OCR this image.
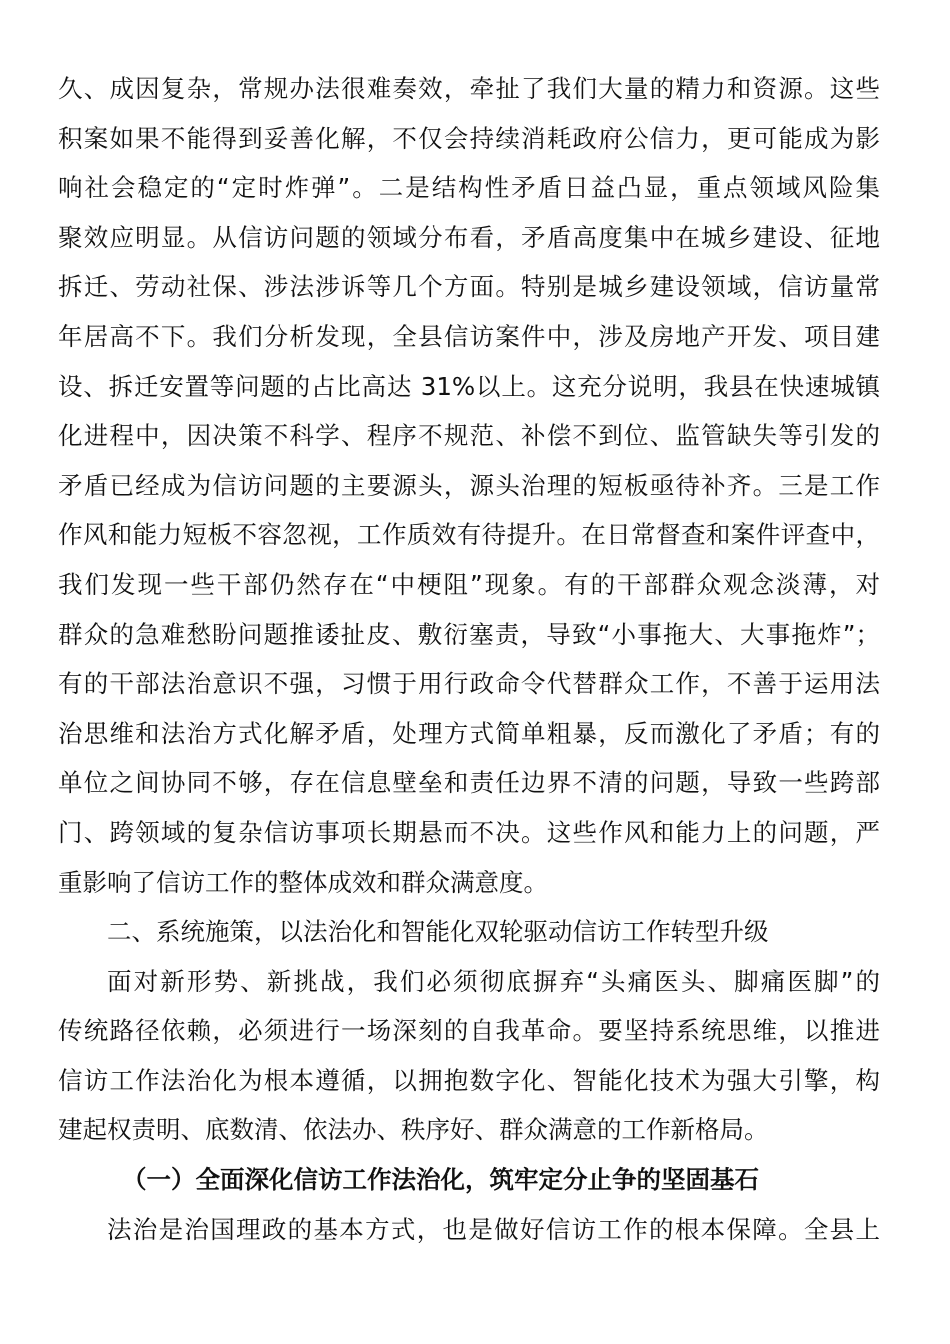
久、成因复杂，常规办法很难奏效，牵扯了我们大量的精力和资源。这些
积案如果不能得到妥善化解，不仅会持续消耗政府公信力，更可能成为影
响社会稳定的“定时炸弹”。二是结构性矛盾日益凸显，重点领域风险集
聚效应明显。从信访问题的领域分布看，矛盾高度集中在城乡建设、征地
拆迁、劳动社保、涉法涉诉等几个方面。特别是城乡建设领域，信访量常
年居高不下。我们分析发现，全县信访案件中，涉及房地产开发、项目建
设、拆迁安置等问题的占比高达 31%以上。这充分说明，我县在快速城镇
化进程中，因决策不科学、程序不规范、补偿不到位、监管缺失等引发的
矛盾已经成为信访问题的主要源头，源头治理的短板亟待补齐。三是工作
作风和能力短板不容忽视，工作质效有待提升。在日常督查和案件评查中，
我们发现一些干部仍然存在“中梗阻”现象。有的干部群众观念淡薄，对
群众的急难愁盼问题推诿扯皮、敷衍塞责，导致“小事拖大、大事拖炸”；
有的干部法治意识不强，习惯于用行政命令代替群众工作，不善于运用法
治思维和法治方式化解矛盾，处理方式简单粗暴，反而激化了矛盾；有的
单位之间协同不够，存在信息壁垒和责任边界不清的问题，导致一些跨部
门、跨领域的复杂信访事项长期悬而不决。这些作风和能力上的问题，严
重影响了信访工作的整体成效和群众满意度。
二、系统施策，以法治化和智能化双轮驱动信访工作转型升级
面对新形势、新挑战，我们必须彻底摒弃“头痛医头、脚痛医脚”的
传统路径依赖，必须进行一场深刻的自我革命。要坚持系统思维，以推进
信访工作法治化为根本遵循，以拥抱数字化、智能化技术为强大引擎，构
建起权责明、底数清、依法办、秩序好、群众满意的工作新格局。
（一）全面深化信访工作法治化，筑牢定分止争的坚固基石
法治是治国理政的基本方式，也是做好信访工作的根本保障。全县上
